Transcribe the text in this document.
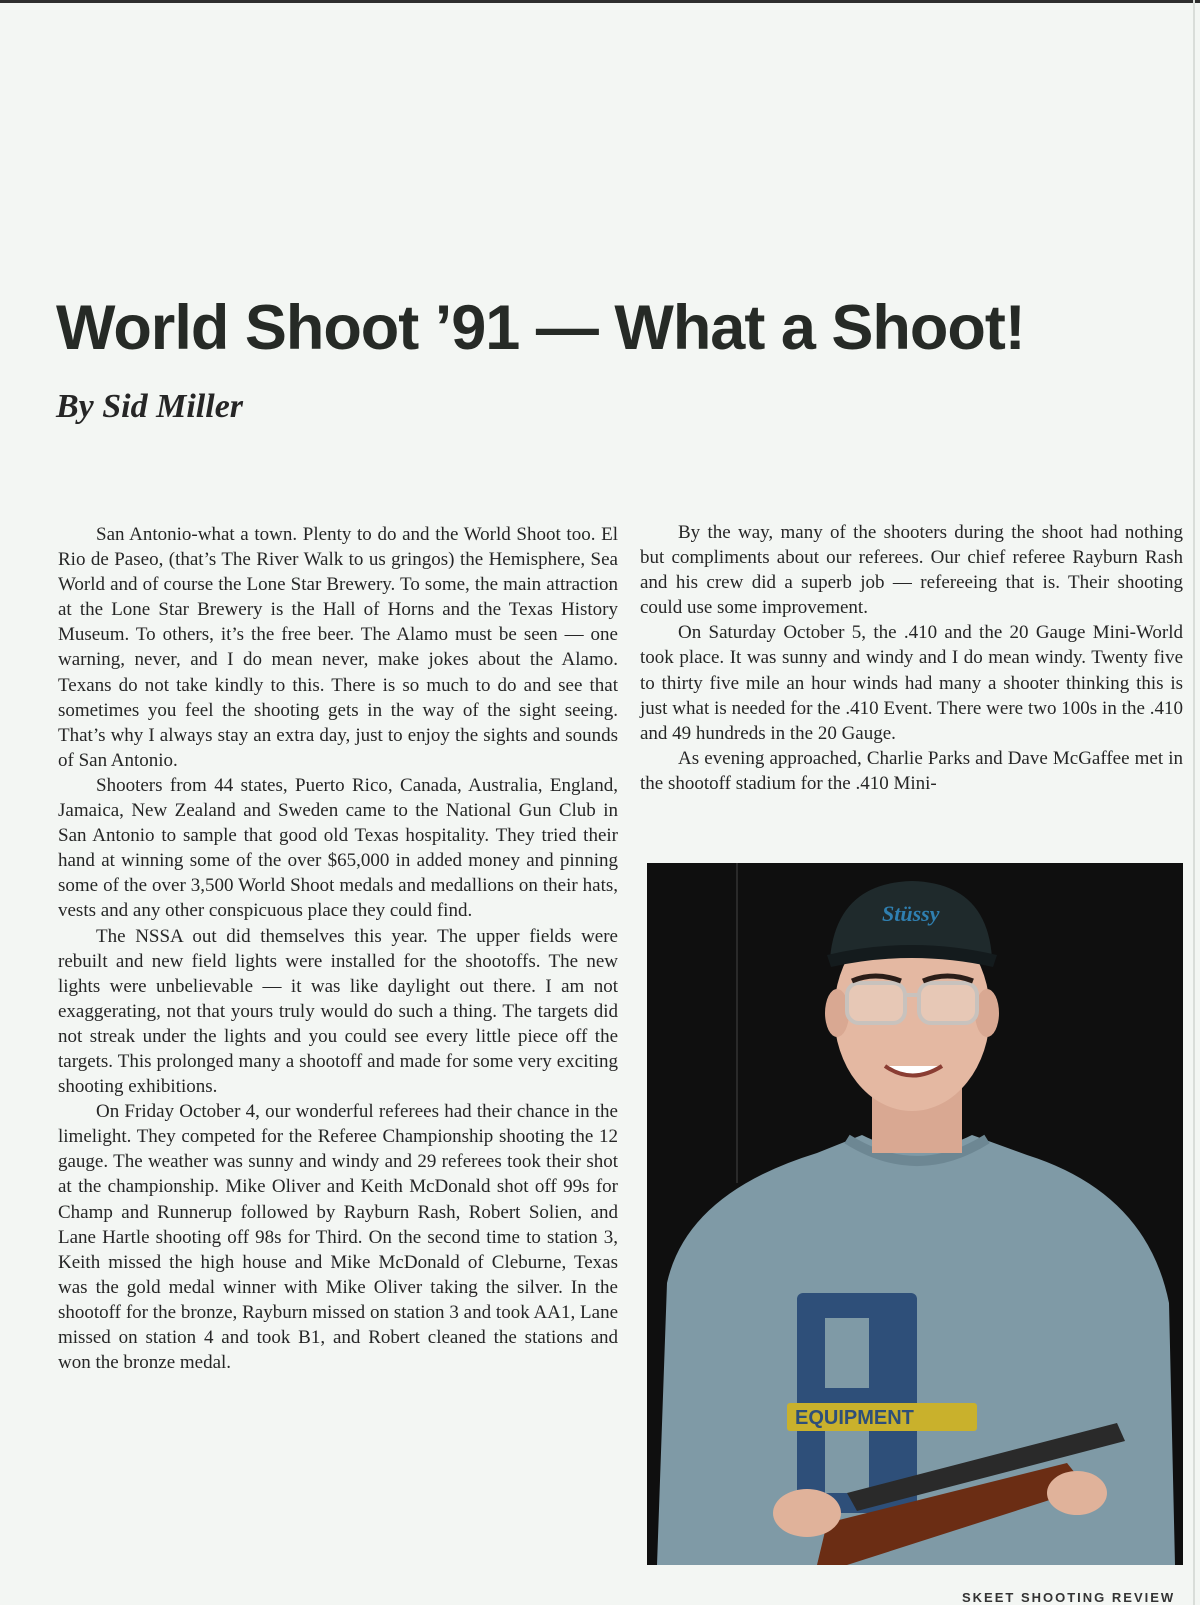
World Shoot ’91 — What a Shoot!
By Sid Miller

San Antonio-what a town. Plenty to do and the World Shoot too. El Rio de Paseo, (that’s The River Walk to us gringos) the Hemisphere, Sea World and of course the Lone Star Brewery. To some, the main attraction at the Lone Star Brewery is the Hall of Horns and the Texas History Museum. To others, it’s the free beer. The Alamo must be seen — one warning, never, and I do mean never, make jokes about the Alamo. Texans do not take kindly to this. There is so much to do and see that sometimes you feel the shooting gets in the way of the sight seeing. That’s why I always stay an extra day, just to enjoy the sights and sounds of San Antonio.

Shooters from 44 states, Puerto Rico, Canada, Australia, England, Jamaica, New Zealand and Sweden came to the National Gun Club in San Antonio to sample that good old Texas hospitality. They tried their hand at winning some of the over $65,000 in added money and pinning some of the over 3,500 World Shoot medals and medallions on their hats, vests and any other conspicuous place they could find.

The NSSA out did themselves this year. The upper fields were rebuilt and new field lights were installed for the shootoffs. The new lights were unbelievable — it was like daylight out there. I am not exaggerating, not that yours truly would do such a thing. The targets did not streak under the lights and you could see every little piece off the targets. This prolonged many a shootoff and made for some very exciting shooting exhibitions.

On Friday October 4, our wonderful referees had their chance in the limelight. They competed for the Referee Championship shooting the 12 gauge. The weather was sunny and windy and 29 referees took their shot at the championship. Mike Oliver and Keith McDonald shot off 99s for Champ and Runnerup followed by Rayburn Rash, Robert Solien, and Lane Hartle shooting off 98s for Third. On the second time to station 3, Keith missed the high house and Mike McDonald of Cleburne, Texas was the gold medal winner with Mike Oliver taking the silver. In the shootoff for the bronze, Rayburn missed on station 3 and took AA1, Lane missed on station 4 and took B1, and Robert cleaned the stations and won the bronze medal.

By the way, many of the shooters during the shoot had nothing but compliments about our referees. Our chief referee Rayburn Rash and his crew did a superb job — refereeing that is. Their shooting could use some improvement.

On Saturday October 5, the .410 and the 20 Gauge Mini-World took place. It was sunny and windy and I do mean windy. Twenty five to thirty five mile an hour winds had many a shooter thinking this is just what is needed for the .410 Event. There were two 100s in the .410 and 49 hundreds in the 20 Gauge.

As evening approached, Charlie Parks and Dave McGaffee met in the shootoff stadium for the .410 Mini-

EQUIPMENT
Stüssy
SKEET SHOOTING REVIEW
